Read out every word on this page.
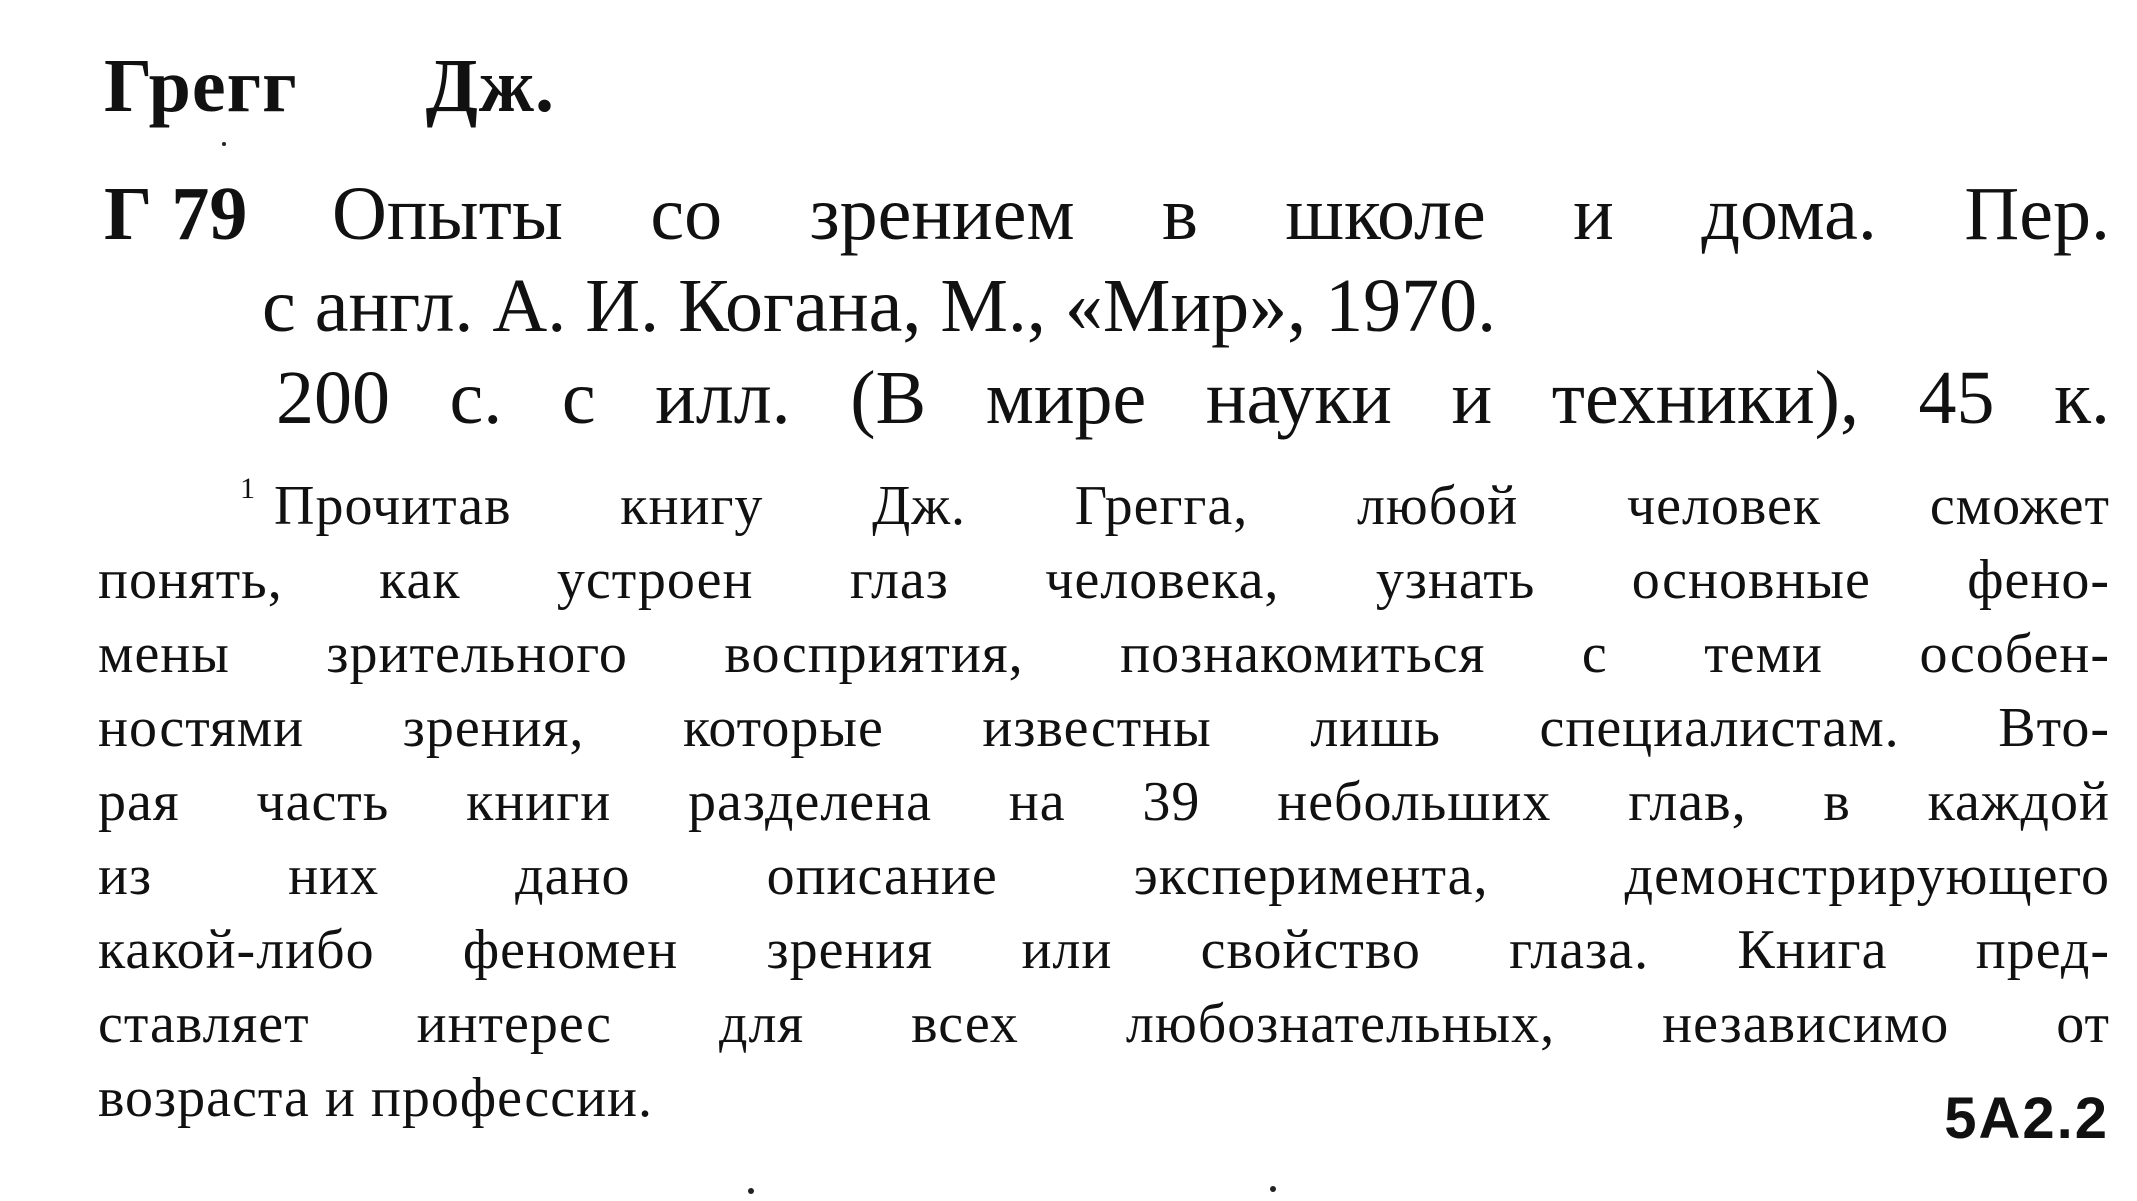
Грегг Дж.
Г 79 Опыты со зрением в школе и дома. Пер.
с англ. А. И. Когана, М., «Мир», 1970.
200 с. с илл. (В мире науки и техники), 45 к.
$^1$ Прочитав книгу Дж. Грегга, любой человек сможет
понять, как устроен глаз человека, узнать основные фено-
мены зрительного восприятия, познакомиться с теми особен-
ностями зрения, которые известны лишь специалистам. Вто-
рая часть книги разделена на 39 небольших глав, в каждой
из них дано описание эксперимента, демонстрирующего
какой-либо феномен зрения или свойство глаза. Книга пред-
ставляет интерес для всех любознательных, независимо от
возраста и профессии.	5А2.2
